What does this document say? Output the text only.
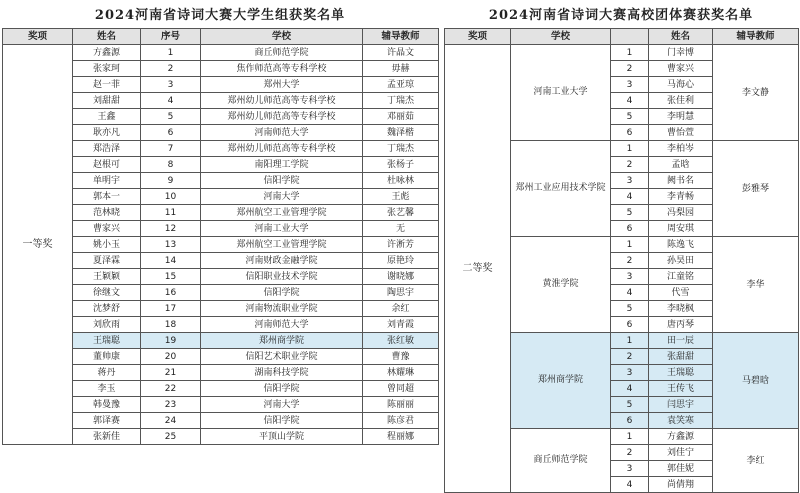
2024河南省诗词大赛大学生组获奖名单
奖项	姓名	序号	学校	辅导教师
一等奖	方鑫源	1	商丘师范学院	许晶文
	张家珂	2	焦作师范高等专科学校	毋赫
	赵一菲	3	郑州大学	孟亚琼
	刘甜甜	4	郑州幼儿师范高等专科学校	丁瑞杰
	王鑫	5	郑州幼儿师范高等专科学校	邓丽茹
	耿亦凡	6	河南师范大学	魏泽楷
	郑浩泽	7	郑州幼儿师范高等专科学校	丁瑞杰
	赵根可	8	南阳理工学院	张杨子
	单明宇	9	信阳学院	杜咏林
	郭本一	10	河南大学	王彪
	范林晓	11	郑州航空工业管理学院	张艺馨
	曹家兴	12	河南工业大学	无
	姚小玉	13	郑州航空工业管理学院	许淅芳
	夏泽霖	14	河南财政金融学院	原艳玲
	王颖颖	15	信阳职业技术学院	谢晓娜
	徐继文	16	信阳学院	陶思宇
	沈梦舒	17	河南物流职业学院	余红
	刘欣雨	18	河南师范大学	刘青霞
	王瑞聪	19	郑州商学院	张红敏
	董帅康	20	信阳艺术职业学院	曹豫
	蒋丹	21	湖南科技学院	林耀琳
	李玉	22	信阳学院	曾同超
	韩曼豫	23	河南大学	陈丽丽
	郭译赛	24	信阳学院	陈彦君
	张新佳	25	平顶山学院	程丽娜
2024河南省诗词大赛高校团体赛获奖名单
奖项	学校		姓名	辅导教师
二等奖	河南工业大学	1	门幸博	李文静
		2	曹家兴	
		3	马海心	
		4	张佳利	
		5	李明慧	
		6	曹怡萱	
	郑州工业应用技术学院	1	李柏岑	彭雅琴
		2	孟晗	
		3	阙书名	
		4	李青畅	
		5	冯梨园	
		6	周安琪	
	黄淮学院	1	陈逸飞	李华
		2	孙昊田	
		3	江童铭	
		4	代雪	
		5	李晓枫	
		6	唐丙琴	
	郑州商学院	1	田一辰	马碧晗
		2	张甜甜	
		3	王瑞聪	
		4	王传飞	
		5	闫思宇	
		6	袁笑寒	
	商丘师范学院	1	方鑫源	李红
		2	刘佳宁	
		3	郭佳妮	
		4	尚倩翔	
